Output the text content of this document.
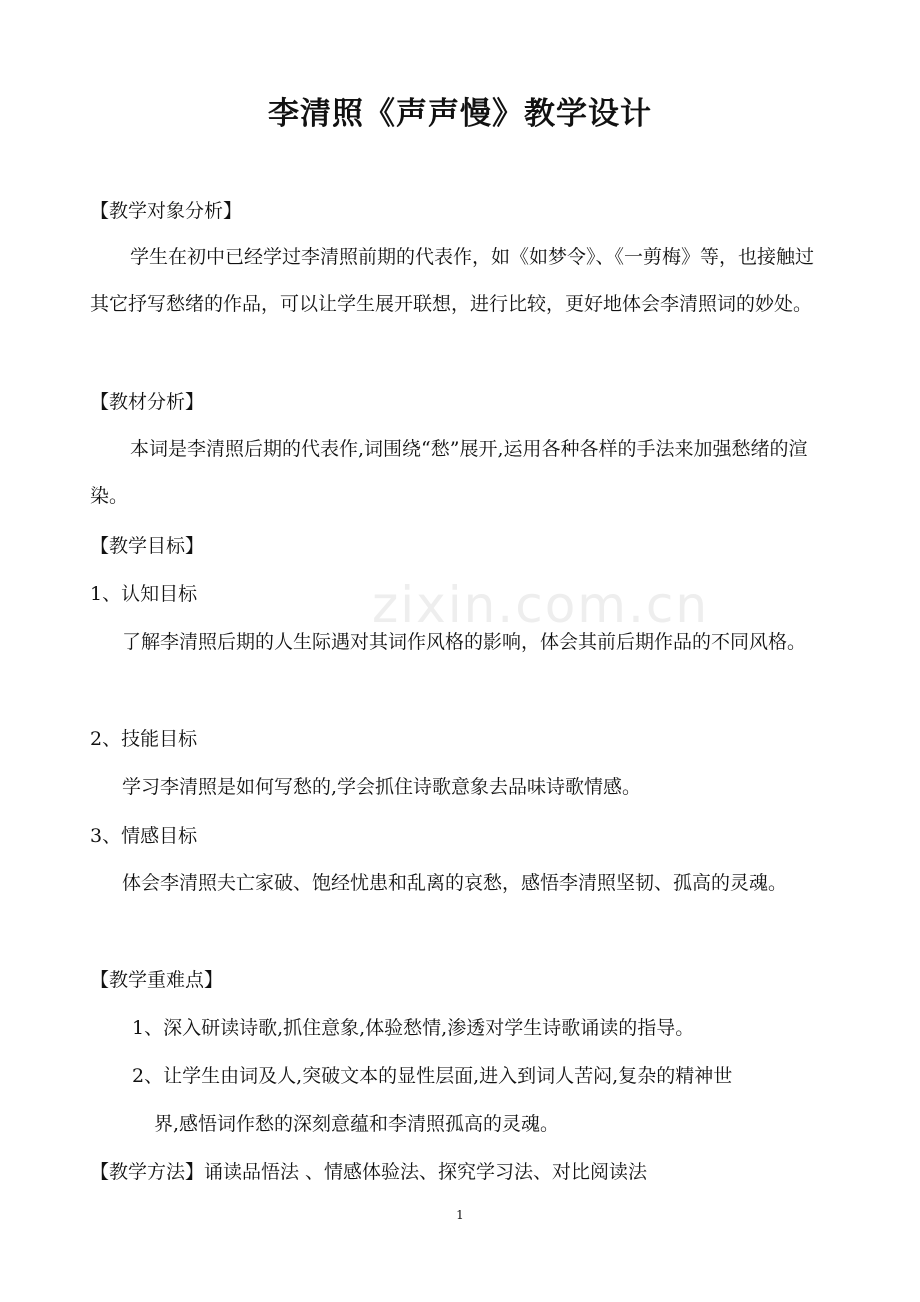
zixin.com.cn
李清照《声声慢》教学设计
【教学对象分析】
学生在初中已经学过李清照前期的代表作，如《如梦令》、《一剪梅》等，也接触过其它抒写愁绪的作品，可以让学生展开联想，进行比较，更好地体会李清照词的妙处。
【教材分析】
本词是李清照后期的代表作,词围绕“愁”展开,运用各种各样的手法来加强愁绪的渲染。
【教学目标】
1、认知目标
了解李清照后期的人生际遇对其词作风格的影响，体会其前后期作品的不同风格。
2、技能目标
学习李清照是如何写愁的,学会抓住诗歌意象去品味诗歌情感。
3、情感目标
体会李清照夫亡家破、饱经忧患和乱离的哀愁，感悟李清照坚韧、孤高的灵魂。
【教学重难点】
1、深入研读诗歌,抓住意象,体验愁情,渗透对学生诗歌诵读的指导。
2、让学生由词及人,突破文本的显性层面,进入到词人苦闷,复杂的精神世
界,感悟词作愁的深刻意蕴和李清照孤高的灵魂。
【教学方法】诵读品悟法 、情感体验法、探究学习法、对比阅读法
1
